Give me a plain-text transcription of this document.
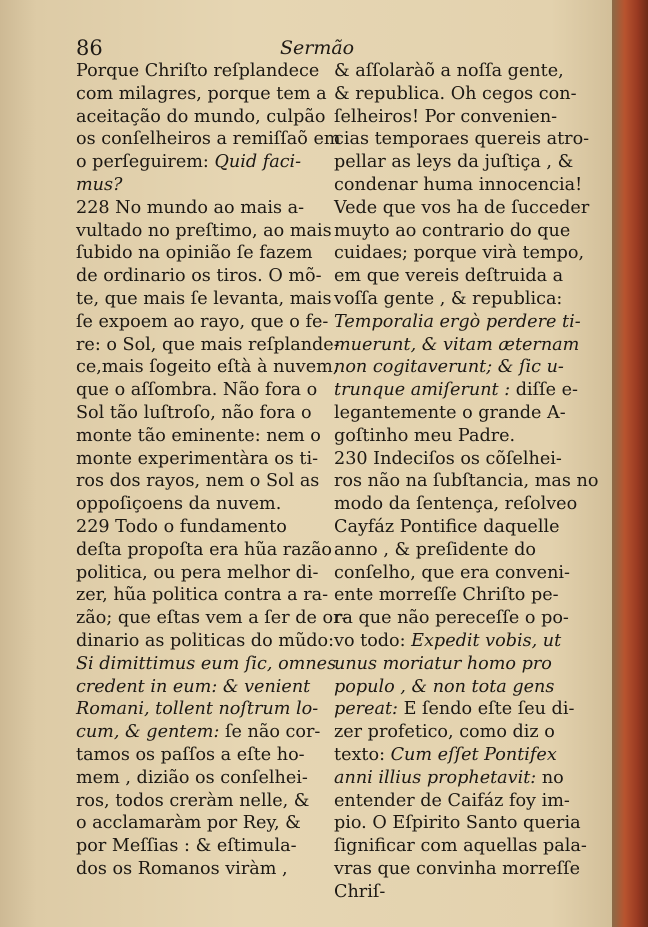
86	Sermão
Porque Chriſto reſplandece
com milagres, porque tem a
aceitação do mundo, culpão
os conſelheiros a remiſſaõ em
o perſeguirem: Quid faci-
mus?
228 No mundo ao mais a-
vultado no preſtimo, ao mais
ſubido na opinião ſe fazem
de ordinario os tiros. O mõ-
te, que mais ſe levanta, mais
ſe expoem ao rayo, que o fe-
re: o Sol, que mais reſplande-
ce,mais ſogeito eſtà à nuvem,
que o aſſombra. Não fora o
Sol tão luſtroſo, não fora o
monte tão eminente: nem o
monte experimentàra os ti-
ros dos rayos, nem o Sol as
oppoſiçoens da nuvem.
229 Todo o fundamento
deſta propoſta era hũa razão
politica, ou pera melhor di-
zer, hũa politica contra a ra-
zão; que eſtas vem a ſer de or-
dinario as politicas do mũdo:
Si dimittimus eum ſic, omnes
credent in eum: & venient
Romani, tollent noſtrum lo-
cum, & gentem: ſe não cor-
tamos os paſſos a eſte ho-
mem , dizião os conſelhei-
ros, todos creràm nelle, &
o acclamaràm por Rey, &
por Meſſias : & eſtimula-
dos os Romanos viràm ,
& aſſolaràõ a noſſa gente,
& republica. Oh cegos con-
ſelheiros! Por convenien-
cias temporaes quereis atro-
pellar as leys da juſtiça , &
condenar huma innocencia!
Vede que vos ha de ſucceder
muyto ao contrario do que
cuidaes; porque virà tempo,
em que vereis deſtruida a
voſſa gente , & republica:
Temporalia ergò perdere ti-
muerunt, & vitam æternam
non cogitaverunt; & ſic u-
trunque amiſerunt : diſſe e-
legantemente o grande A-
goſtinho meu Padre.
230 Indeciſos os cõſelhei-
ros não na ſubſtancia, mas no
modo da ſentença, reſolveo
Cayfáz Pontifice daquelle
anno , & preſidente do
conſelho, que era conveni-
ente morreſſe Chriſto pe-
ra que não pereceſſe o po-
vo todo: Expedit vobis, ut
unus moriatur homo pro
populo , & non tota gens
pereat: E ſendo eſte ſeu di-
zer profetico, como diz o
texto: Cum eſſet Pontifex
anni illius prophetavit: no
entender de Caifáz foy im-
pio. O Eſpirito Santo queria
ſignificar com aquellas pala-
vras que convinha morreſſe
Chriſ-
